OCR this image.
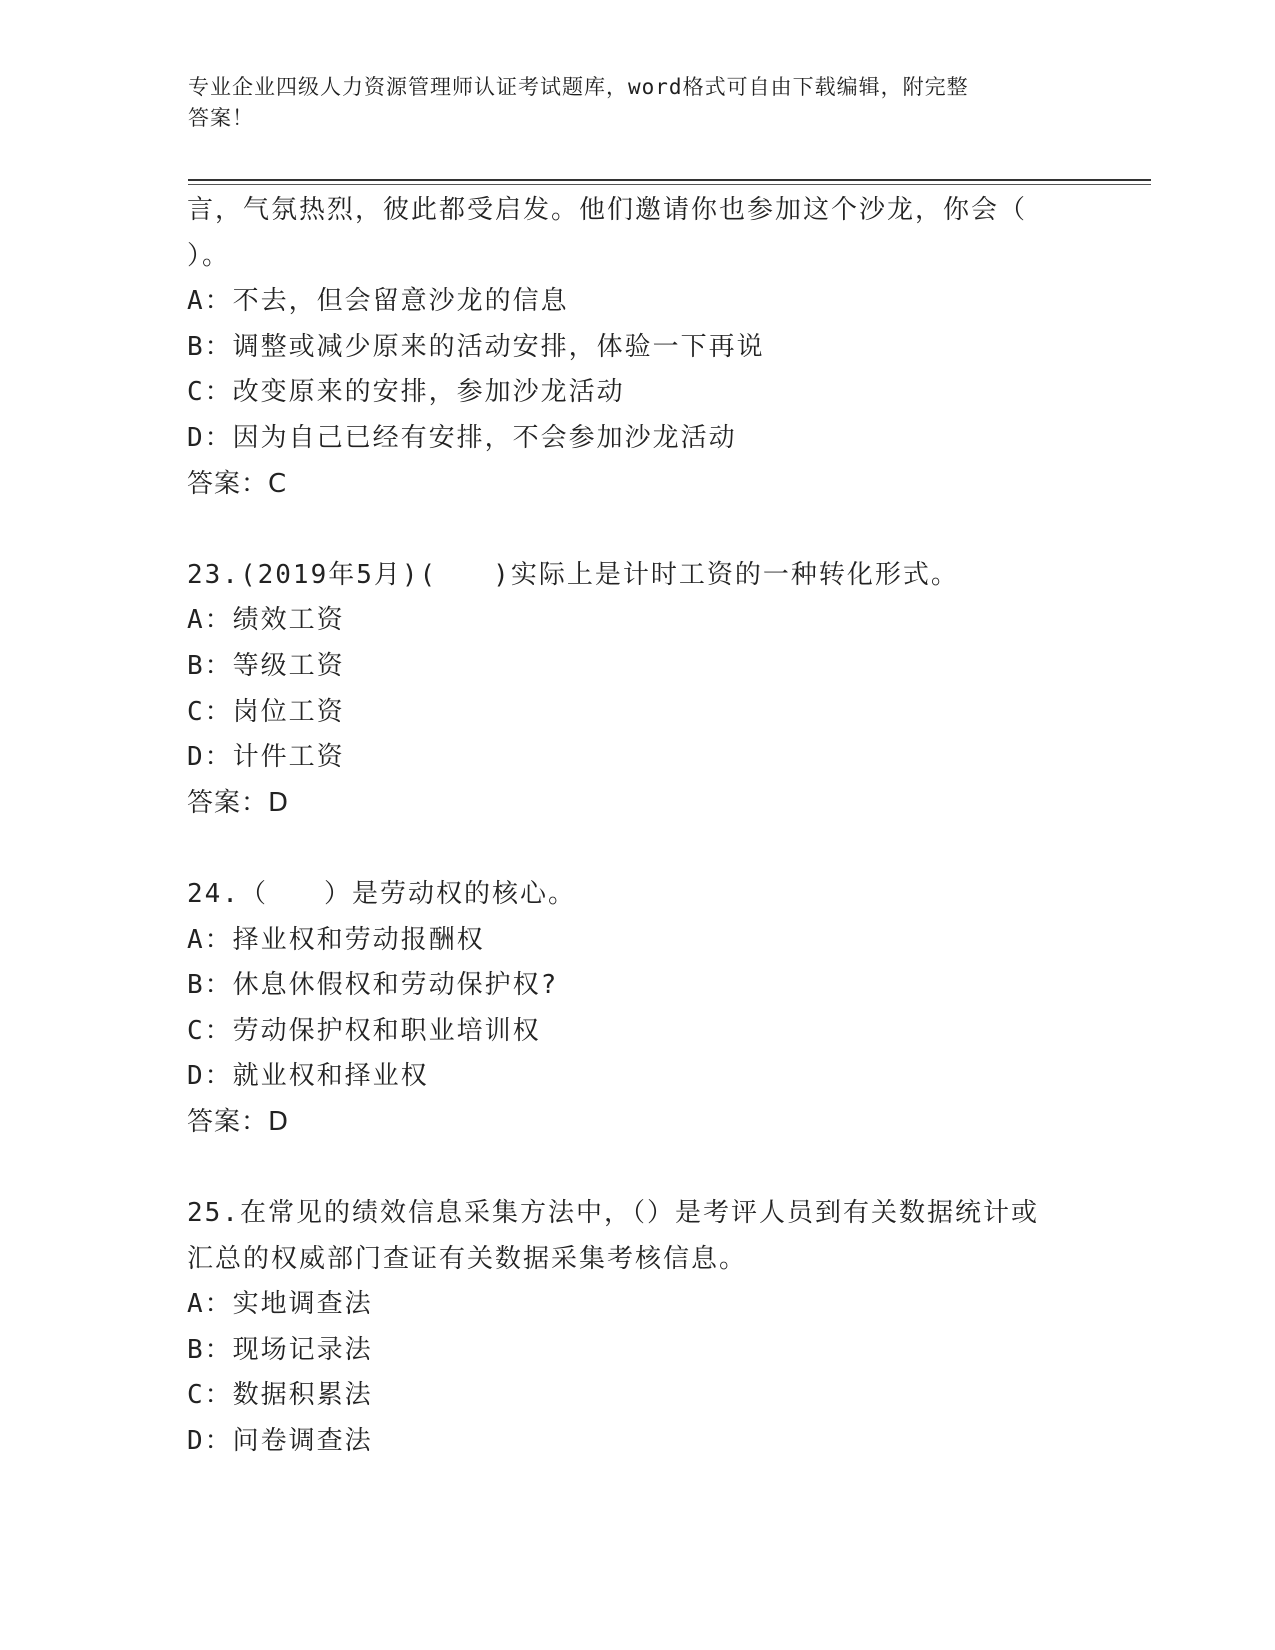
专业企业四级人力资源管理师认证考试题库，word格式可自由下载编辑，附完整
答案！
言，气氛热烈，彼此都受启发。他们邀请你也参加这个沙龙，你会（
）。
A：不去，但会留意沙龙的信息
B：调整或减少原来的活动安排，体验一下再说
C：改变原来的安排，参加沙龙活动
D：因为自己已经有安排，不会参加沙龙活动
答案：C
23.(2019年5月)(　　)实际上是计时工资的一种转化形式。
A：绩效工资
B：等级工资
C：岗位工资
D：计件工资
答案：D
24.（　　）是劳动权的核心。
A：择业权和劳动报酬权
B：休息休假权和劳动保护权?
C：劳动保护权和职业培训权
D：就业权和择业权
答案：D
25.在常见的绩效信息采集方法中，（）是考评人员到有关数据统计或
汇总的权威部门查证有关数据采集考核信息。
A：实地调查法
B：现场记录法
C：数据积累法
D：问卷调查法
